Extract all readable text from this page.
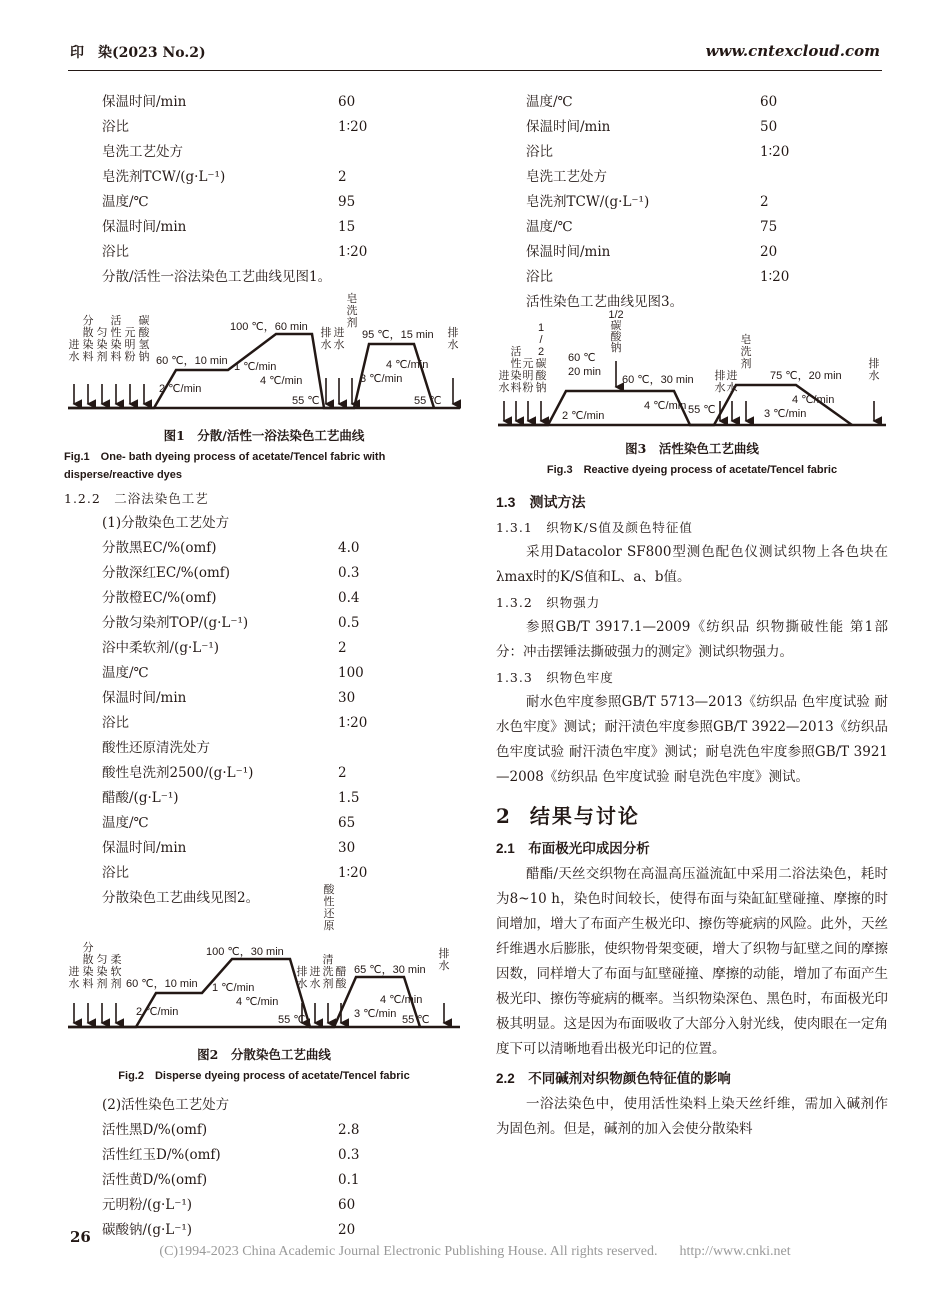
印　染(2023 No.2)	www.cntexcloud.com
保温时间/min	60
浴比	1∶20
皂洗工艺处方
皂洗剂TCW/(g·L⁻¹)	2
温度/℃	95
保温时间/min	15
浴比	1∶20
分散/活性一浴法染色工艺曲线见图1。
进水
分散染料
匀染剂
活性染料
元明粉
碳酸氢钠 60 ℃，10 min
2 ℃/min
100 ℃，60 min
1 ℃/min
4 ℃/min
55 ℃
排水
进水
皂洗剂
95 ℃，15 min
4 ℃/min
3 ℃/min
55 ℃
排水
图1　分散/活性一浴法染色工艺曲线
Fig.1　One- bath dyeing process of acetate/Tencel fabric with disperse/reactive dyes
1.2.2　二浴法染色工艺
(1)分散染色工艺处方
分散黑EC/%(omf)	4.0
分散深红EC/%(omf)	0.3
分散橙EC/%(omf)	0.4
分散匀染剂TOP/(g·L⁻¹)	0.5
浴中柔软剂/(g·L⁻¹)	2
温度/℃	100
保温时间/min	30
浴比	1∶20
酸性还原清洗处方
酸性皂洗剂2500/(g·L⁻¹)	2
醋酸/(g·L⁻¹)	1.5
温度/℃	65
保温时间/min	30
浴比	1∶20
分散染色工艺曲线见图2。
进水
分散染料
匀染剂
柔软剂 60 ℃，10 min
2 ℃/min
100 ℃，30 min
1 ℃/min
4 ℃/min
55 ℃
排水
进水
清洗剂
醋酸
酸性还原
65 ℃，30 min
4 ℃/min
3 ℃/min 55 ℃
排水
图2　分散染色工艺曲线
Fig.2　Disperse dyeing process of acetate/Tencel fabric
(2)活性染色工艺处方
活性黑D/%(omf)	2.8
活性红玉D/%(omf)	0.3
活性黄D/%(omf)	0.1
元明粉/(g·L⁻¹)	60
碳酸钠/(g·L⁻¹)	20
温度/℃	60
保温时间/min	50
浴比	1∶20
皂洗工艺处方
皂洗剂TCW/(g·L⁻¹)	2
温度/℃	75
保温时间/min	20
浴比	1∶20
活性染色工艺曲线见图3。
进水
活性染料
元明粉
1 / 2 碳酸钠
1/2 碳酸钠
60 ℃
20 min
2 ℃/min
60 ℃，30 min
4 ℃/min 55 ℃
排水
进水
皂洗剂
75 ℃，20 min
4 ℃/min
3 ℃/min
排水
图3　活性染色工艺曲线
Fig.3　Reactive dyeing process of acetate/Tencel fabric
1.3　测试方法
1.3.1　织物K/S值及颜色特征值
采用Datacolor SF800型测色配色仪测试织物上各色块在λmax时的K/S值和L、a、b值。
1.3.2　织物强力
参照GB/T 3917.1—2009《纺织品 织物撕破性能 第1部分：冲击摆锤法撕破强力的测定》测试织物强力。
1.3.3　织物色牢度
耐水色牢度参照GB/T 5713—2013《纺织品 色牢度试验 耐水色牢度》测试；耐汗渍色牢度参照GB/T 3922—2013《纺织品 色牢度试验 耐汗渍色牢度》测试；耐皂洗色牢度参照GB/T 3921—2008《纺织品 色牢度试验 耐皂洗色牢度》测试。
2 结果与讨论
2.1　布面极光印成因分析
醋酯/天丝交织物在高温高压溢流缸中采用二浴法染色，耗时为8~10 h，染色时间较长，使得布面与染缸缸壁碰撞、摩擦的时间增加，增大了布面产生极光印、擦伤等疵病的风险。此外，天丝纤维遇水后膨胀，使织物骨架变硬，增大了织物与缸壁之间的摩擦因数，同样增大了布面与缸壁碰撞、摩擦的动能，增加了布面产生极光印、擦伤等疵病的概率。当织物染深色、黑色时，布面极光印极其明显。这是因为布面吸收了大部分入射光线，使肉眼在一定角度下可以清晰地看出极光印记的位置。
2.2　不同碱剂对织物颜色特征值的影响
一浴法染色中，使用活性染料上染天丝纤维，需加入碱剂作为固色剂。但是，碱剂的加入会使分散染料
26
(C)1994-2023 China Academic Journal Electronic Publishing House. All rights reserved. http://www.cnki.net
